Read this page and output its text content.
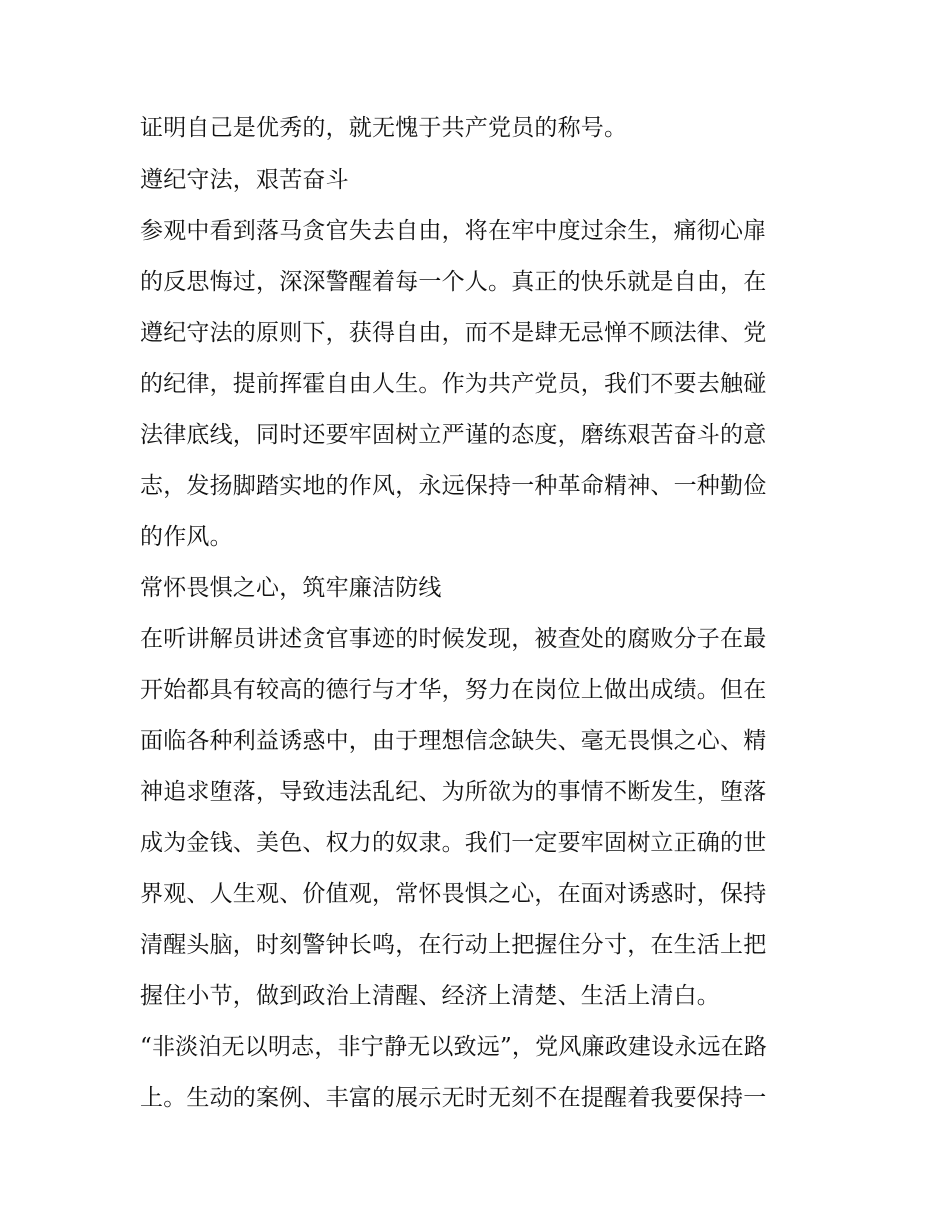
证明自己是优秀的，就无愧于共产党员的称号。
遵纪守法，艰苦奋斗
参观中看到落马贪官失去自由，将在牢中度过余生，痛彻心扉
的反思悔过，深深警醒着每一个人。真正的快乐就是自由，在
遵纪守法的原则下，获得自由，而不是肆无忌惮不顾法律、党
的纪律，提前挥霍自由人生。作为共产党员，我们不要去触碰
法律底线，同时还要牢固树立严谨的态度，磨练艰苦奋斗的意
志，发扬脚踏实地的作风，永远保持一种革命精神、一种勤俭
的作风。
常怀畏惧之心，筑牢廉洁防线
在听讲解员讲述贪官事迹的时候发现，被查处的腐败分子在最
开始都具有较高的德行与才华，努力在岗位上做出成绩。但在
面临各种利益诱惑中，由于理想信念缺失、毫无畏惧之心、精
神追求堕落，导致违法乱纪、为所欲为的事情不断发生，堕落
成为金钱、美色、权力的奴隶。我们一定要牢固树立正确的世
界观、人生观、价值观，常怀畏惧之心，在面对诱惑时，保持
清醒头脑，时刻警钟长鸣，在行动上把握住分寸，在生活上把
握住小节，做到政治上清醒、经济上清楚、生活上清白。
“非淡泊无以明志，非宁静无以致远”，党风廉政建设永远在路
上。生动的案例、丰富的展示无时无刻不在提醒着我要保持一
